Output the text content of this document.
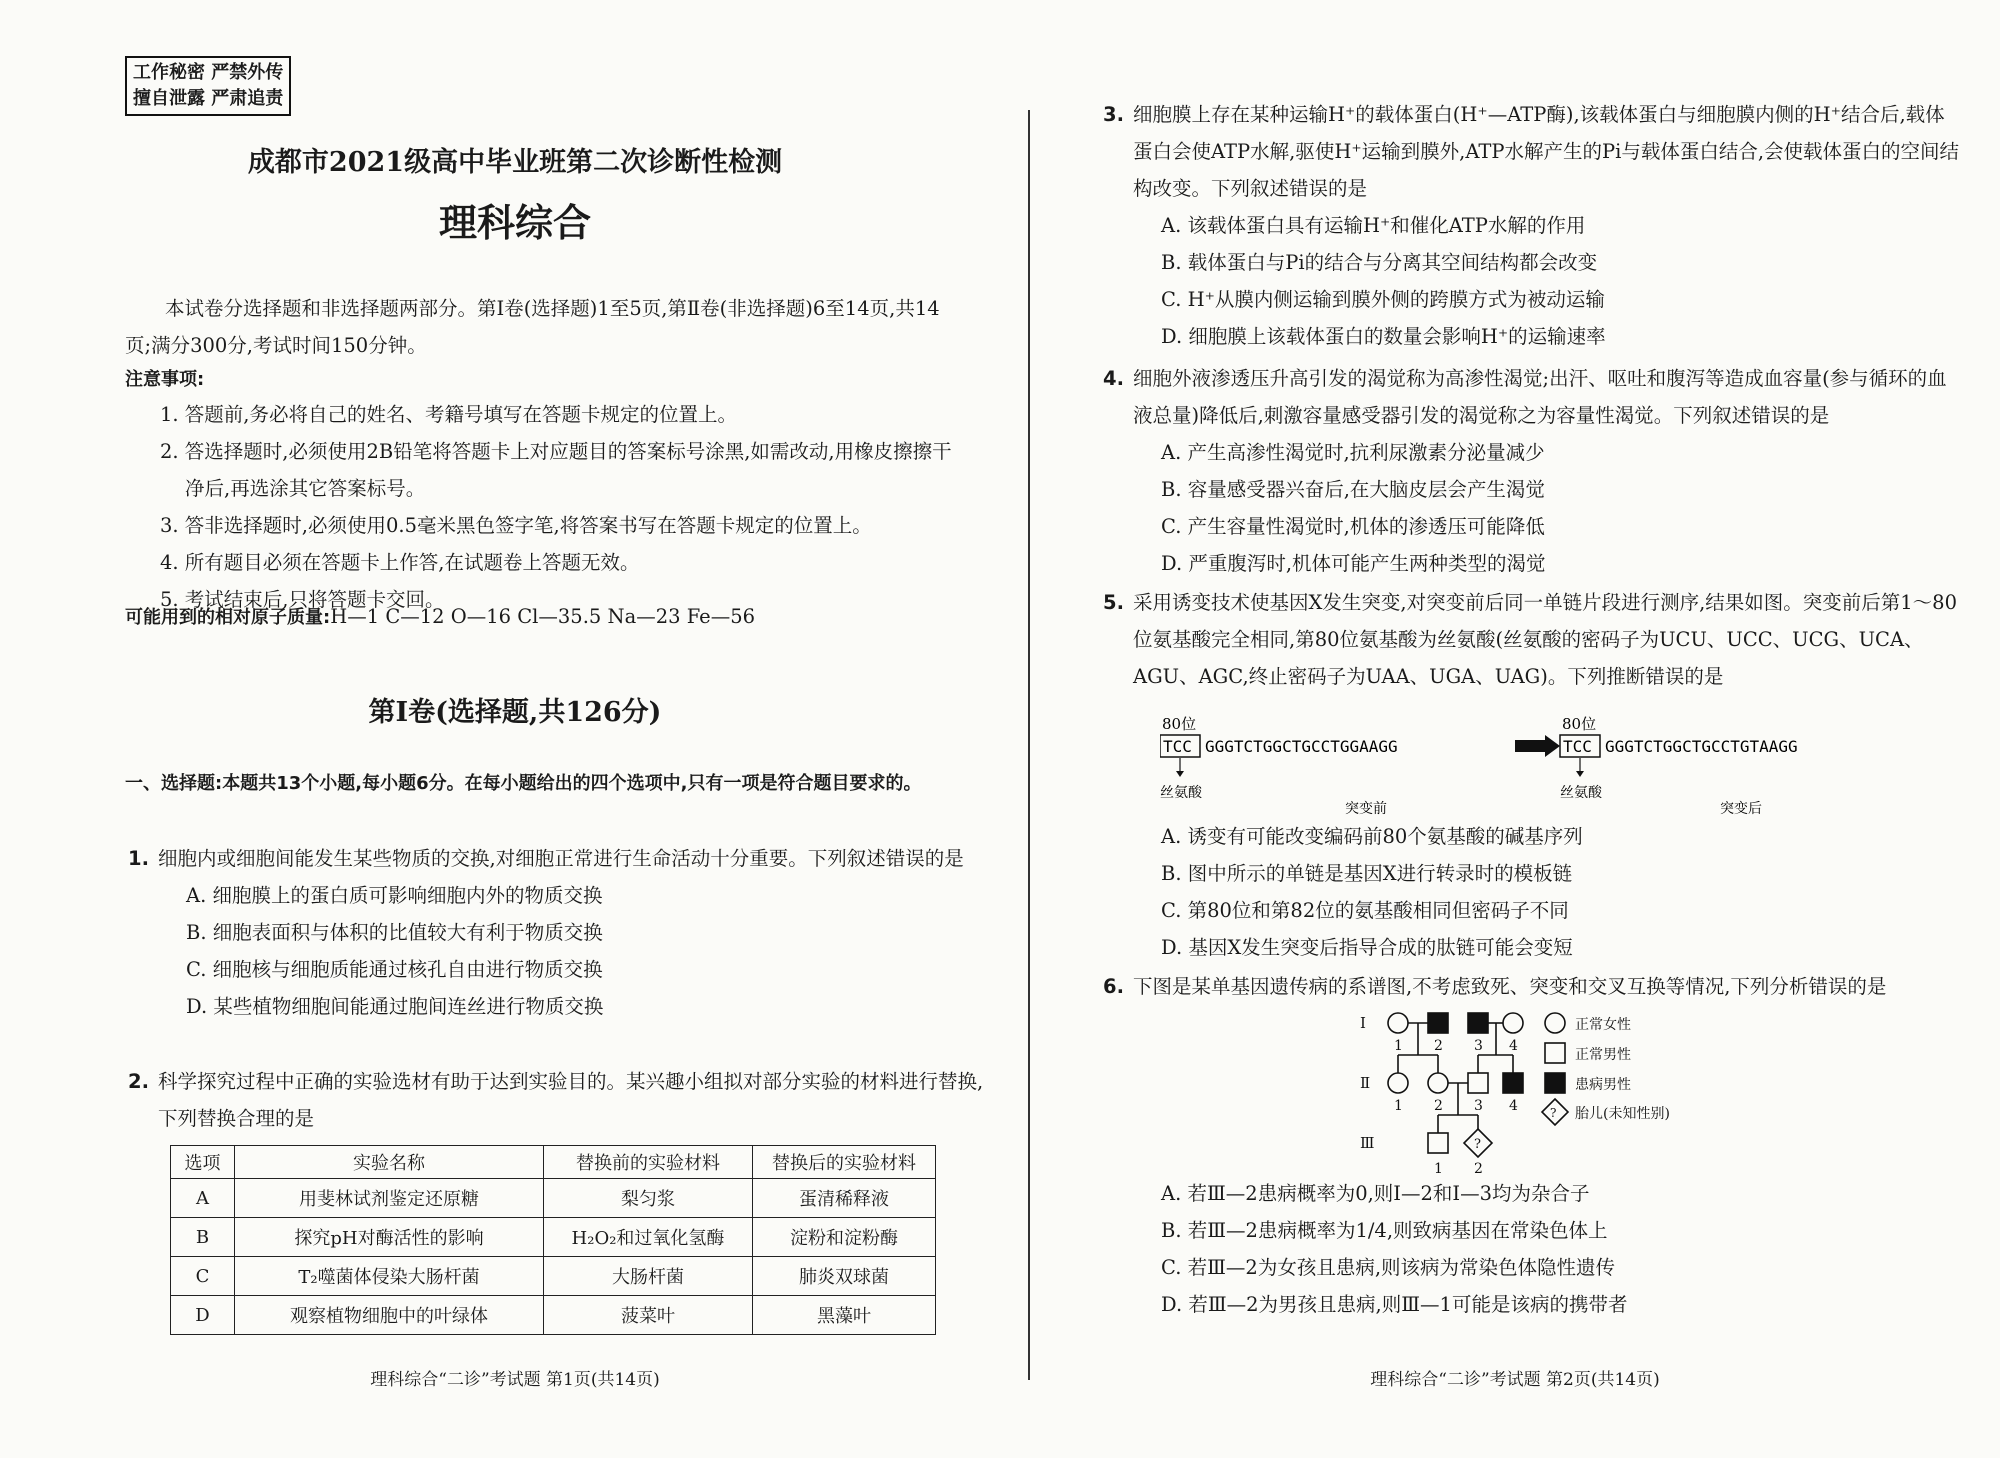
工作秘密 严禁外传
擅自泄露 严肃追责
成都市2021级高中毕业班第二次诊断性检测
理科综合
本试卷分选择题和非选择题两部分。第Ⅰ卷(选择题)1至5页,第Ⅱ卷(非选择题)6至14页,共14页;满分300分,考试时间150分钟。
注意事项:
1. 答题前,务必将自己的姓名、考籍号填写在答题卡规定的位置上。
2. 答选择题时,必须使用2B铅笔将答题卡上对应题目的答案标号涂黑,如需改动,用橡皮擦擦干净后,再选涂其它答案标号。
3. 答非选择题时,必须使用0.5毫米黑色签字笔,将答案书写在答题卡规定的位置上。
4. 所有题目必须在答题卡上作答,在试题卷上答题无效。
5. 考试结束后,只将答题卡交回。
可能用到的相对原子质量:H—1 C—12 O—16 Cl—35.5 Na—23 Fe—56
第Ⅰ卷(选择题,共126分)
一、选择题:本题共13个小题,每小题6分。在每小题给出的四个选项中,只有一项是符合题目要求的。
1. 细胞内或细胞间能发生某些物质的交换,对细胞正常进行生命活动十分重要。下列叙述错误的是
A. 细胞膜上的蛋白质可影响细胞内外的物质交换
B. 细胞表面积与体积的比值较大有利于物质交换
C. 细胞核与细胞质能通过核孔自由进行物质交换
D. 某些植物细胞间能通过胞间连丝进行物质交换
2. 科学探究过程中正确的实验选材有助于达到实验目的。某兴趣小组拟对部分实验的材料进行替换,下列替换合理的是
选项	实验名称	替换前的实验材料	替换后的实验材料
A	用斐林试剂鉴定还原糖	梨匀浆	蛋清稀释液
B	探究pH对酶活性的影响	H₂O₂和过氧化氢酶	淀粉和淀粉酶
C	T₂噬菌体侵染大肠杆菌	大肠杆菌	肺炎双球菌
D	观察植物细胞中的叶绿体	菠菜叶	黑藻叶
理科综合“二诊”考试题 第1页(共14页)
3. 细胞膜上存在某种运输H⁺的载体蛋白(H⁺—ATP酶),该载体蛋白与细胞膜内侧的H⁺结合后,载体蛋白会使ATP水解,驱使H⁺运输到膜外,ATP水解产生的Pi与载体蛋白结合,会使载体蛋白的空间结构改变。下列叙述错误的是
A. 该载体蛋白具有运输H⁺和催化ATP水解的作用
B. 载体蛋白与Pi的结合与分离其空间结构都会改变
C. H⁺从膜内侧运输到膜外侧的跨膜方式为被动运输
D. 细胞膜上该载体蛋白的数量会影响H⁺的运输速率
4. 细胞外液渗透压升高引发的渴觉称为高渗性渴觉;出汗、呕吐和腹泻等造成血容量(参与循环的血液总量)降低后,刺激容量感受器引发的渴觉称之为容量性渴觉。下列叙述错误的是
A. 产生高渗性渴觉时,抗利尿激素分泌量减少
B. 容量感受器兴奋后,在大脑皮层会产生渴觉
C. 产生容量性渴觉时,机体的渗透压可能降低
D. 严重腹泻时,机体可能产生两种类型的渴觉
5. 采用诱变技术使基因X发生突变,对突变前后同一单链片段进行测序,结果如图。突变前后第1～80位氨基酸完全相同,第80位氨基酸为丝氨酸(丝氨酸的密码子为UCU、UCC、UCG、UCA、AGU、AGC,终止密码子为UAA、UGA、UAG)。下列推断错误的是
80位
TCC GGGTCTGGCTGCCTGGAAGG
丝氨酸
80位
TCC GGGTCTGGCTGCCTGTAAGG
丝氨酸
突变前	突变后
A. 诱变有可能改变编码前80个氨基酸的碱基序列
B. 图中所示的单链是基因X进行转录时的模板链
C. 第80位和第82位的氨基酸相同但密码子不同
D. 基因X发生突变后指导合成的肽链可能会变短
6. 下图是某单基因遗传病的系谱图,不考虑致死、突变和交叉互换等情况,下列分析错误的是
Ⅰ
Ⅱ
Ⅲ
1 2 3 4
1 2 3 4
1 2
?
?
正常女性
正常男性
患病男性
胎儿(未知性别)
A. 若Ⅲ—2患病概率为0,则Ⅰ—2和Ⅰ—3均为杂合子
B. 若Ⅲ—2患病概率为1/4,则致病基因在常染色体上
C. 若Ⅲ—2为女孩且患病,则该病为常染色体隐性遗传
D. 若Ⅲ—2为男孩且患病,则Ⅲ—1可能是该病的携带者
理科综合“二诊”考试题 第2页(共14页)
